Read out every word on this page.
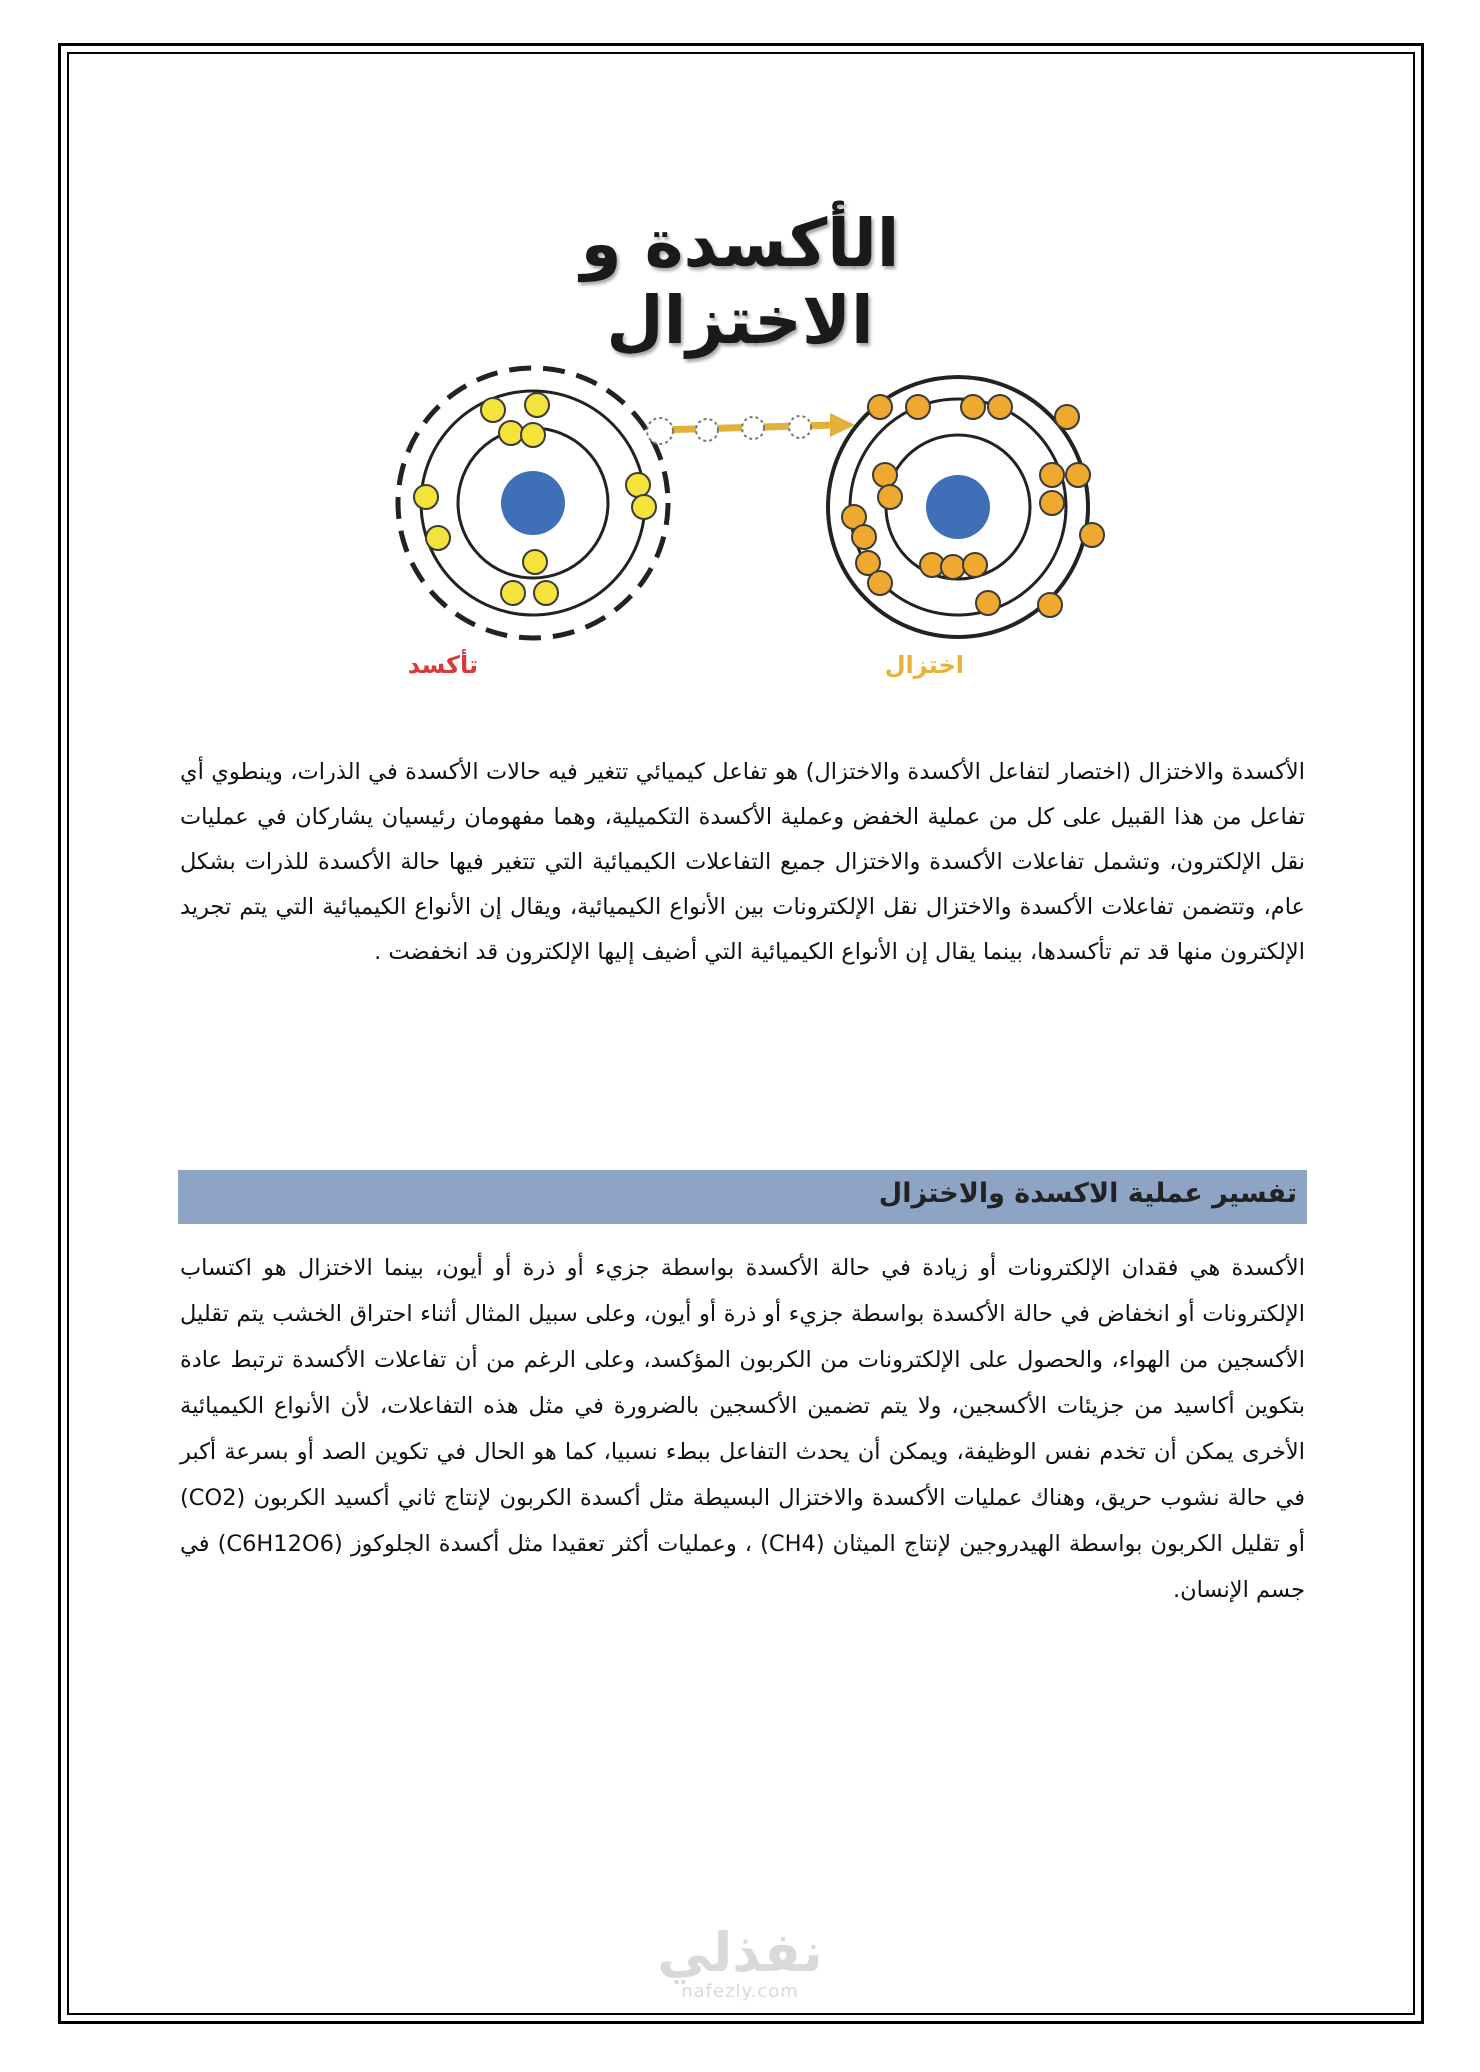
الأكسدة و الاختزال
تأكسد	اختزال
الأكسدة والاختزال (اختصار لتفاعل الأكسدة والاختزال) هو تفاعل كيميائي تتغير فيه حالات الأكسدة في الذرات، وينطوي أي تفاعل من هذا القبيل على كل من عملية الخفض وعملية الأكسدة التكميلية، وهما مفهومان رئيسيان يشاركان في عمليات نقل الإلكترون، وتشمل تفاعلات الأكسدة والاختزال جميع التفاعلات الكيميائية التي تتغير فيها حالة الأكسدة للذرات بشكل عام، وتتضمن تفاعلات الأكسدة والاختزال نقل الإلكترونات بين الأنواع الكيميائية، ويقال إن الأنواع الكيميائية التي يتم تجريد الإلكترون منها قد تم تأكسدها، بينما يقال إن الأنواع الكيميائية التي أضيف إليها الإلكترون قد انخفضت .
تفسير عملية الاكسدة والاختزال
الأكسدة هي فقدان الإلكترونات أو زيادة في حالة الأكسدة بواسطة جزيء أو ذرة أو أيون، بينما الاختزال هو اكتساب الإلكترونات أو انخفاض في حالة الأكسدة بواسطة جزيء أو ذرة أو أيون، وعلى سبيل المثال أثناء احتراق الخشب يتم تقليل الأكسجين من الهواء، والحصول على الإلكترونات من الكربون المؤكسد، وعلى الرغم من أن تفاعلات الأكسدة ترتبط عادة بتكوين أكاسيد من جزيئات الأكسجين، ولا يتم تضمين الأكسجين بالضرورة في مثل هذه التفاعلات، لأن الأنواع الكيميائية الأخرى يمكن أن تخدم نفس الوظيفة، ويمكن أن يحدث التفاعل ببطء نسبيا، كما هو الحال في تكوين الصد أو بسرعة أكبر في حالة نشوب حريق، وهناك عمليات الأكسدة والاختزال البسيطة مثل أكسدة الكربون لإنتاج ثاني أكسيد الكربون (CO2) أو تقليل الكربون بواسطة الهيدروجين لإنتاج الميثان (CH4) ، وعمليات أكثر تعقيدا مثل أكسدة الجلوكوز (C6H12O6) في جسم الإنسان.
نفذلي
nafezly.com
